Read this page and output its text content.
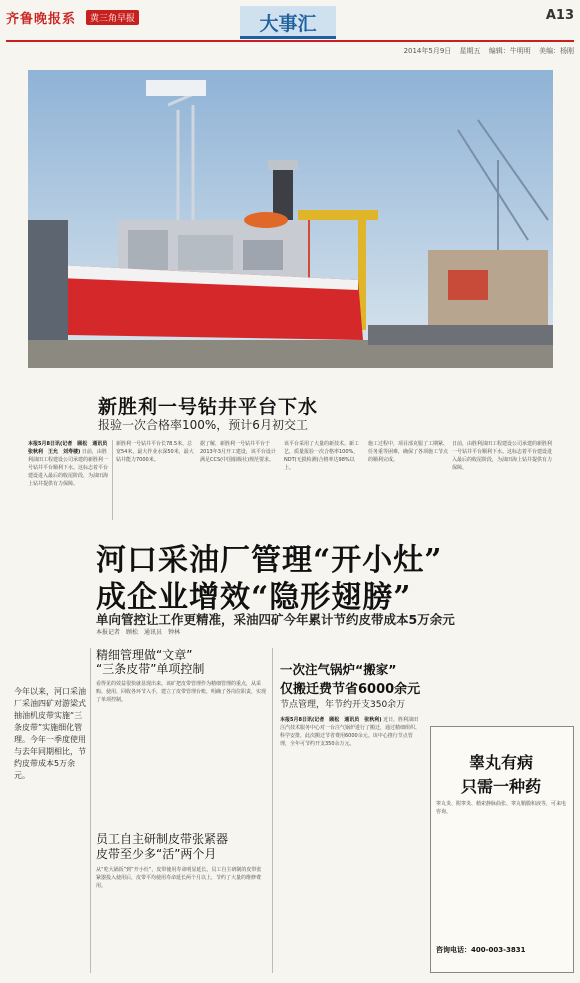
齐鲁晚报系	黄三角早报	大事汇	A13
2014年5月9日 星期五 编辑：牛明明 美编：杨刚
新胜利一号钻井平台下水
报验一次合格率100%，预计6月初交工
本报5月8日讯(记者　顾松　通讯员　张秋利　王允　刘寿楼) 日前，由胜利油田工程建设公司承建的新胜利一号钻井平台顺利下水。这标志着平台建设进入最后的收尾阶段，为油田海上钻井提供有力保障。
新胜利一号钻井平台长78.5米，总宽54米，最大作业水深50米，最大钻井能力7000米。
据了解，新胜利一号钻井平台于2013年3月开工建设，该平台设计满足CCS(中国船级社)规范要求。
该平台采用了大量的新技术、新工艺，质量报验一次合格率100%，NDT(无损检测)合格率达98%以上。
施工过程中，项目部克服了工期紧、任务重等困难，确保了各项施工节点的顺利完成。
日前，由胜利油田工程建设公司承建的新胜利一号钻井平台顺利下水。这标志着平台建设进入最后的收尾阶段，为油田海上钻井提供有力保障。
河口采油厂管理“开小灶”
成企业增效“隐形翅膀”
单向管控让工作更精准，采油四矿今年累计节约皮带成本5万余元
本报记者　顾松　通讯员　钟林
今年以来，河口采油厂采油四矿对游梁式抽油机皮带实施“三条皮带”实施细化管理。今年一季度使用与去年同期相比，节约皮带成本5万余元。
精细管理做“文章”
“三条皮带”单项控制
看得见的效益很快就显现出来。该矿把皮带管理作为精细管理的重点，从采购、使用、回收各环节入手，建立了皮带管理台账，明确了各岗位职责，实现了单项控制。
员工自主研制皮带张紧器
皮带至少多“活”两个月
从“吃大锅饭”到“开小灶”，皮带使用寿命明显延长。员工自主研制的皮带张紧器投入使用后，皮带平均使用寿命延长两个月以上，节约了大量的维修费用。
一次注气锅炉“搬家”
仅搬迁费节省6000余元
节点管理，年节约开支350余万
本报5月8日讯(记者　顾松　通讯员　张秋利) 近日，胜利油田注汽技术服务中心对一台注气锅炉进行了搬迁，通过精细组织、科学安排，此次搬迁节省费用6000余元。该中心推行节点管理，全年可节约开支350余万元。
睾丸有病
只需一种药
睾丸炎、附睾炎、精索静脉曲张、睾丸鞘膜积液等，可来电咨询。
咨询电话：400-003-3831
